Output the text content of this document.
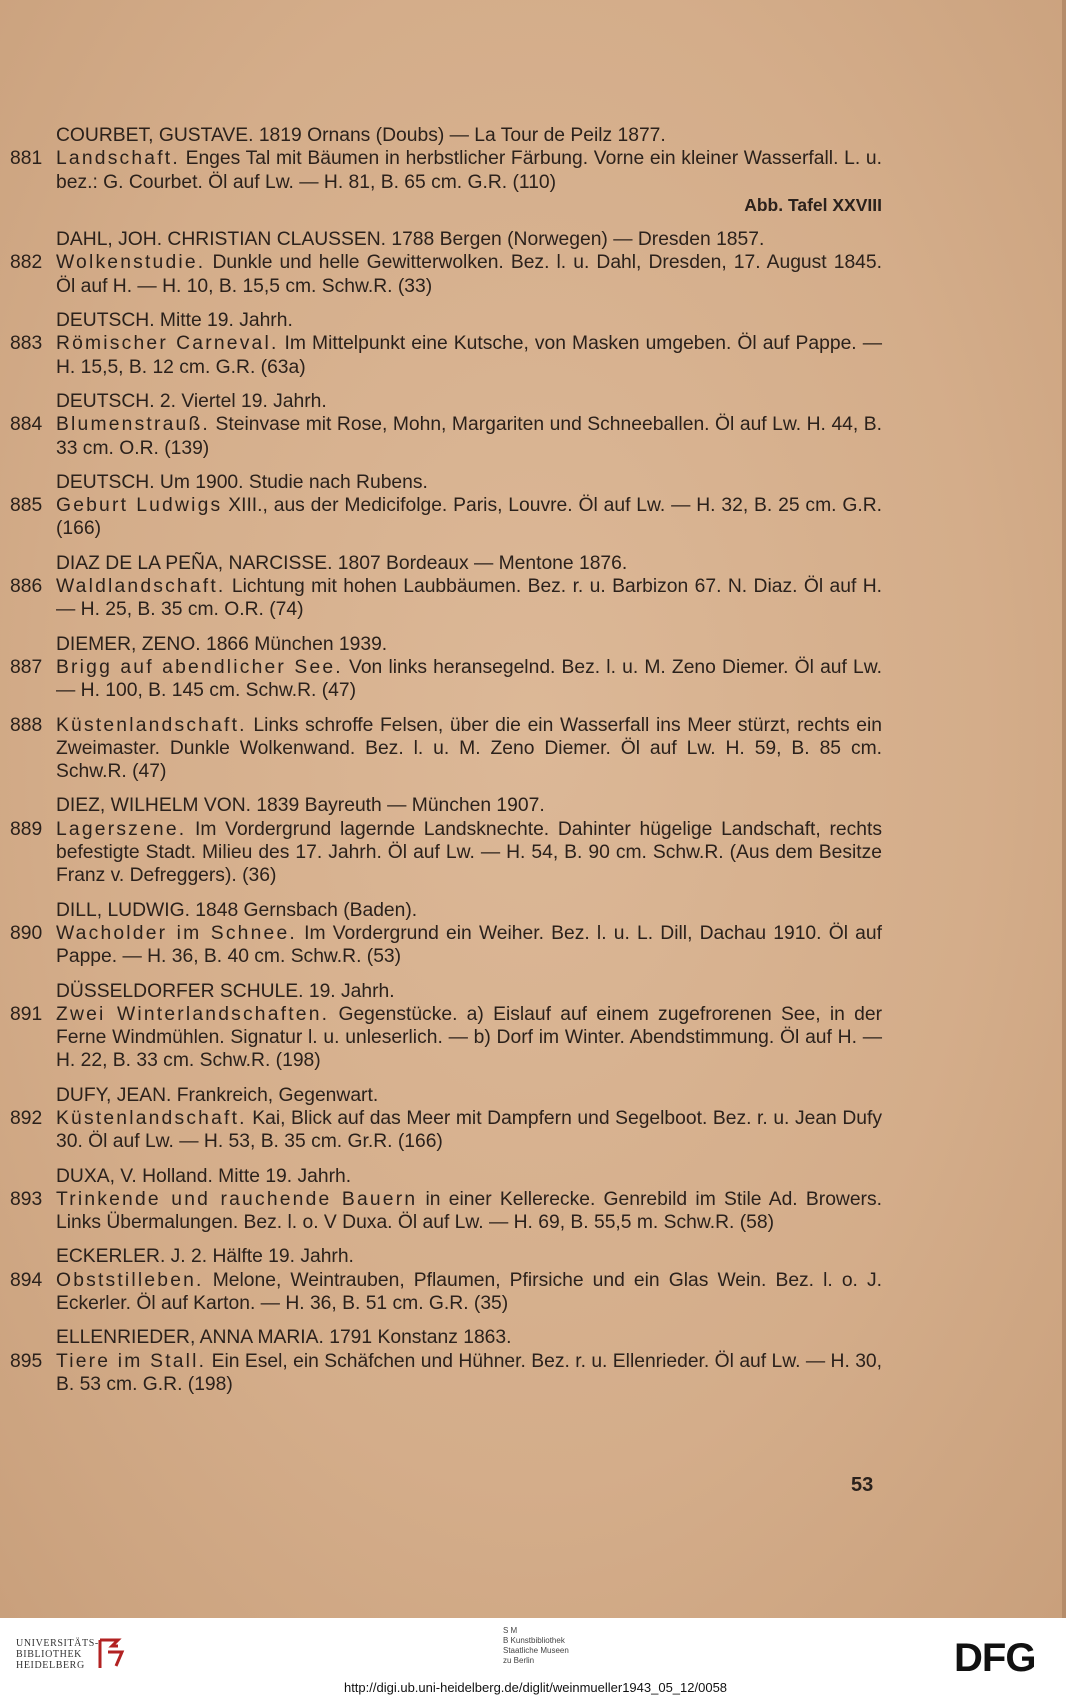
COURBET, GUSTAVE. 1819 Ornans (Doubs) — La Tour de Peilz 1877.
881 Landschaft. Enges Tal mit Bäumen in herbstlicher Färbung. Vorne ein kleiner Wasserfall. L. u. bez.: G. Courbet. Öl auf Lw. — H. 81, B. 65 cm. G.R. (110)
Abb. Tafel XXVIII
DAHL, JOH. CHRISTIAN CLAUSSEN. 1788 Bergen (Norwegen) — Dresden 1857.
882 Wolkenstudie. Dunkle und helle Gewitterwolken. Bez. l. u. Dahl, Dresden, 17. August 1845. Öl auf H. — H. 10, B. 15,5 cm. Schw.R. (33)
DEUTSCH. Mitte 19. Jahrh.
883 Römischer Carneval. Im Mittelpunkt eine Kutsche, von Masken umgeben. Öl auf Pappe. — H. 15,5, B. 12 cm. G.R. (63a)
DEUTSCH. 2. Viertel 19. Jahrh.
884 Blumenstrauß. Steinvase mit Rose, Mohn, Margariten und Schneeballen. Öl auf Lw. H. 44, B. 33 cm. O.R. (139)
DEUTSCH. Um 1900. Studie nach Rubens.
885 Geburt Ludwigs XIII., aus der Medicifolge. Paris, Louvre. Öl auf Lw. — H. 32, B. 25 cm. G.R. (166)
DIAZ DE LA PEÑA, NARCISSE. 1807 Bordeaux — Mentone 1876.
886 Waldlandschaft. Lichtung mit hohen Laubbäumen. Bez. r. u. Barbizon 67. N. Diaz. Öl auf H. — H. 25, B. 35 cm. O.R. (74)
DIEMER, ZENO. 1866 München 1939.
887 Brigg auf abendlicher See. Von links heransegelnd. Bez. l. u. M. Zeno Diemer. Öl auf Lw. — H. 100, B. 145 cm. Schw.R. (47)
888 Küstenlandschaft. Links schroffe Felsen, über die ein Wasserfall ins Meer stürzt, rechts ein Zweimaster. Dunkle Wolkenwand. Bez. l. u. M. Zeno Diemer. Öl auf Lw. H. 59, B. 85 cm. Schw.R. (47)
DIEZ, WILHELM VON. 1839 Bayreuth — München 1907.
889 Lagerszene. Im Vordergrund lagernde Landsknechte. Dahinter hügelige Landschaft, rechts befestigte Stadt. Milieu des 17. Jahrh. Öl auf Lw. — H. 54, B. 90 cm. Schw.R. (Aus dem Besitze Franz v. Defreggers). (36)
DILL, LUDWIG. 1848 Gernsbach (Baden).
890 Wacholder im Schnee. Im Vordergrund ein Weiher. Bez. l. u. L. Dill, Dachau 1910. Öl auf Pappe. — H. 36, B. 40 cm. Schw.R. (53)
DÜSSELDORFER SCHULE. 19. Jahrh.
891 Zwei Winterlandschaften. Gegenstücke. a) Eislauf auf einem zugefrorenen See, in der Ferne Windmühlen. Signatur l. u. unleserlich. — b) Dorf im Winter. Abendstimmung. Öl auf H. — H. 22, B. 33 cm. Schw.R. (198)
DUFY, JEAN. Frankreich, Gegenwart.
892 Küstenlandschaft. Kai, Blick auf das Meer mit Dampfern und Segelboot. Bez. r. u. Jean Dufy 30. Öl auf Lw. — H. 53, B. 35 cm. Gr.R. (166)
DUXA, V. Holland. Mitte 19. Jahrh.
893 Trinkende und rauchende Bauern in einer Kellerecke. Genrebild im Stile Ad. Browers. Links Übermalungen. Bez. l. o. V Duxa. Öl auf Lw. — H. 69, B. 55,5 m. Schw.R. (58)
ECKERLER. J. 2. Hälfte 19. Jahrh.
894 Obststilleben. Melone, Weintrauben, Pflaumen, Pfirsiche und ein Glas Wein. Bez. l. o. J. Eckerler. Öl auf Karton. — H. 36, B. 51 cm. G.R. (35)
ELLENRIEDER, ANNA MARIA. 1791 Konstanz 1863.
895 Tiere im Stall. Ein Esel, ein Schäfchen und Hühner. Bez. r. u. Ellenrieder. Öl auf Lw. — H. 30, B. 53 cm. G.R. (198)
53
UNIVERSITÄTS-
BIBLIOTHEK
HEIDELBERG
S M
B Kunstbibliothek
Staatliche Museen
zu Berlin	DFG
http://digi.ub.uni-heidelberg.de/diglit/weinmueller1943_05_12/0058
